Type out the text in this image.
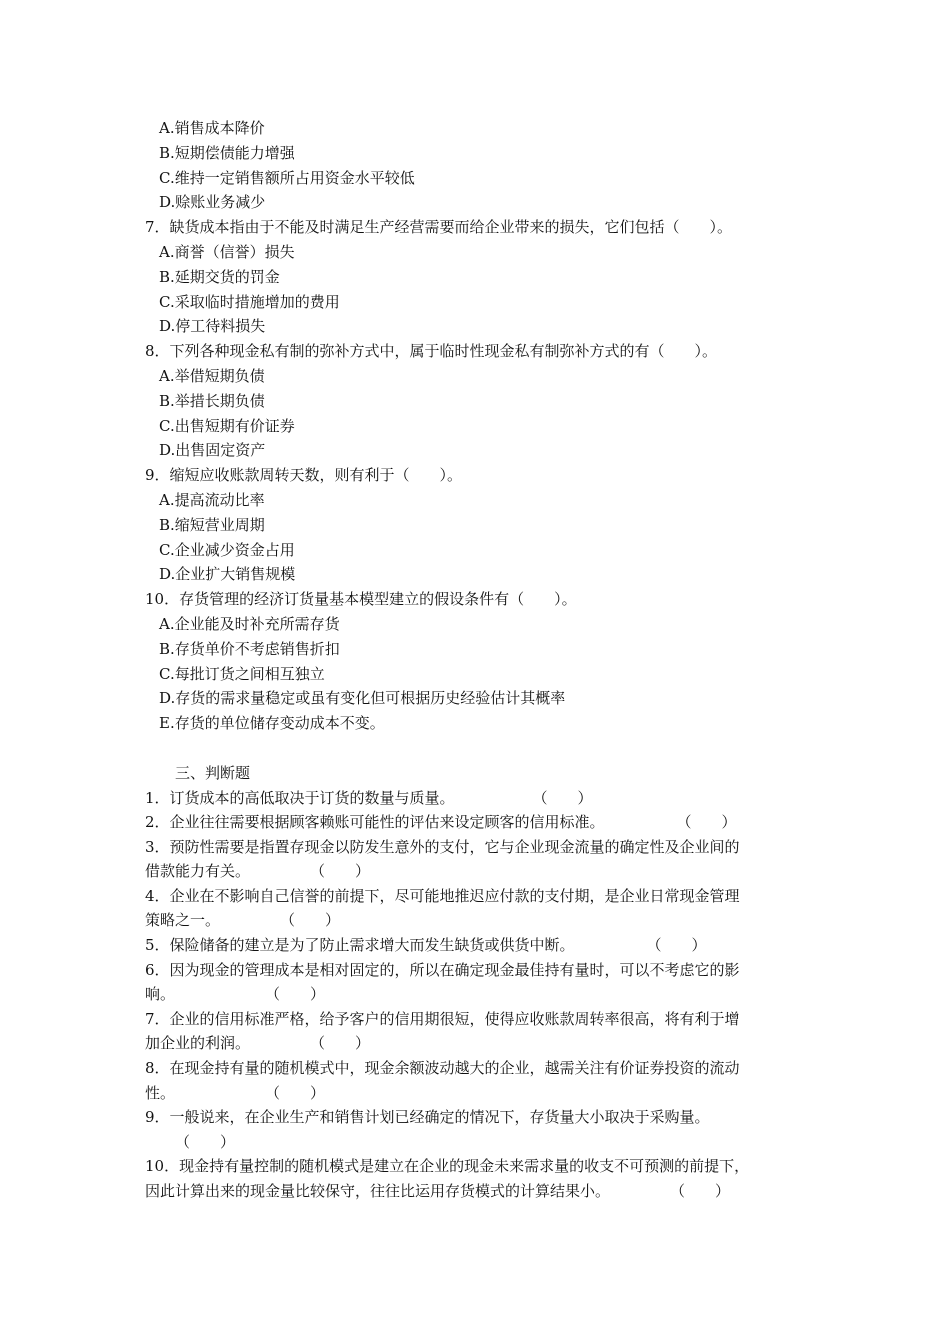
A.销售成本降价
B.短期偿债能力增强
C.维持一定销售额所占用资金水平较低
D.赊账业务减少
7．缺货成本指由于不能及时满足生产经营需要而给企业带来的损失，它们包括（　　）。
A.商誉（信誉）损失
B.延期交货的罚金
C.采取临时措施增加的费用
D.停工待料损失
8．下列各种现金私有制的弥补方式中，属于临时性现金私有制弥补方式的有（　　）。
A.举借短期负债
B.举措长期负债
C.出售短期有价证券
D.出售固定资产
9．缩短应收账款周转天数，则有利于（　　）。
A.提高流动比率
B.缩短营业周期
C.企业减少资金占用
D.企业扩大销售规模
10．存货管理的经济订货量基本模型建立的假设条件有（　　）。
A.企业能及时补充所需存货
B.存货单价不考虑销售折扣
C.每批订货之间相互独立
D.存货的需求量稳定或虽有变化但可根据历史经验估计其概率
E.存货的单位储存变动成本不变。
三、判断题
1．订货成本的高低取决于订货的数量与质量。	（　　）
2．企业往往需要根据顾客赖账可能性的评估来设定顾客的信用标准。	（　　）
3．预防性需要是指置存现金以防发生意外的支付，它与企业现金流量的确定性及企业间的
借款能力有关。	（　　）
4．企业在不影响自己信誉的前提下，尽可能地推迟应付款的支付期，是企业日常现金管理
策略之一。	（　　）
5．保险储备的建立是为了防止需求增大而发生缺货或供货中断。	（　　）
6．因为现金的管理成本是相对固定的，所以在确定现金最佳持有量时，可以不考虑它的影
响。	（　　）
7．企业的信用标准严格，给予客户的信用期很短，使得应收账款周转率很高，将有利于增
加企业的利润。	（　　）
8．在现金持有量的随机模式中，现金余额波动越大的企业，越需关注有价证券投资的流动
性。	（　　）
9．一般说来，在企业生产和销售计划已经确定的情况下，存货量大小取决于采购量。
（　　）
10．现金持有量控制的随机模式是建立在企业的现金未来需求量的收支不可预测的前提下，
因此计算出来的现金量比较保守，往往比运用存货模式的计算结果小。	（　　）
